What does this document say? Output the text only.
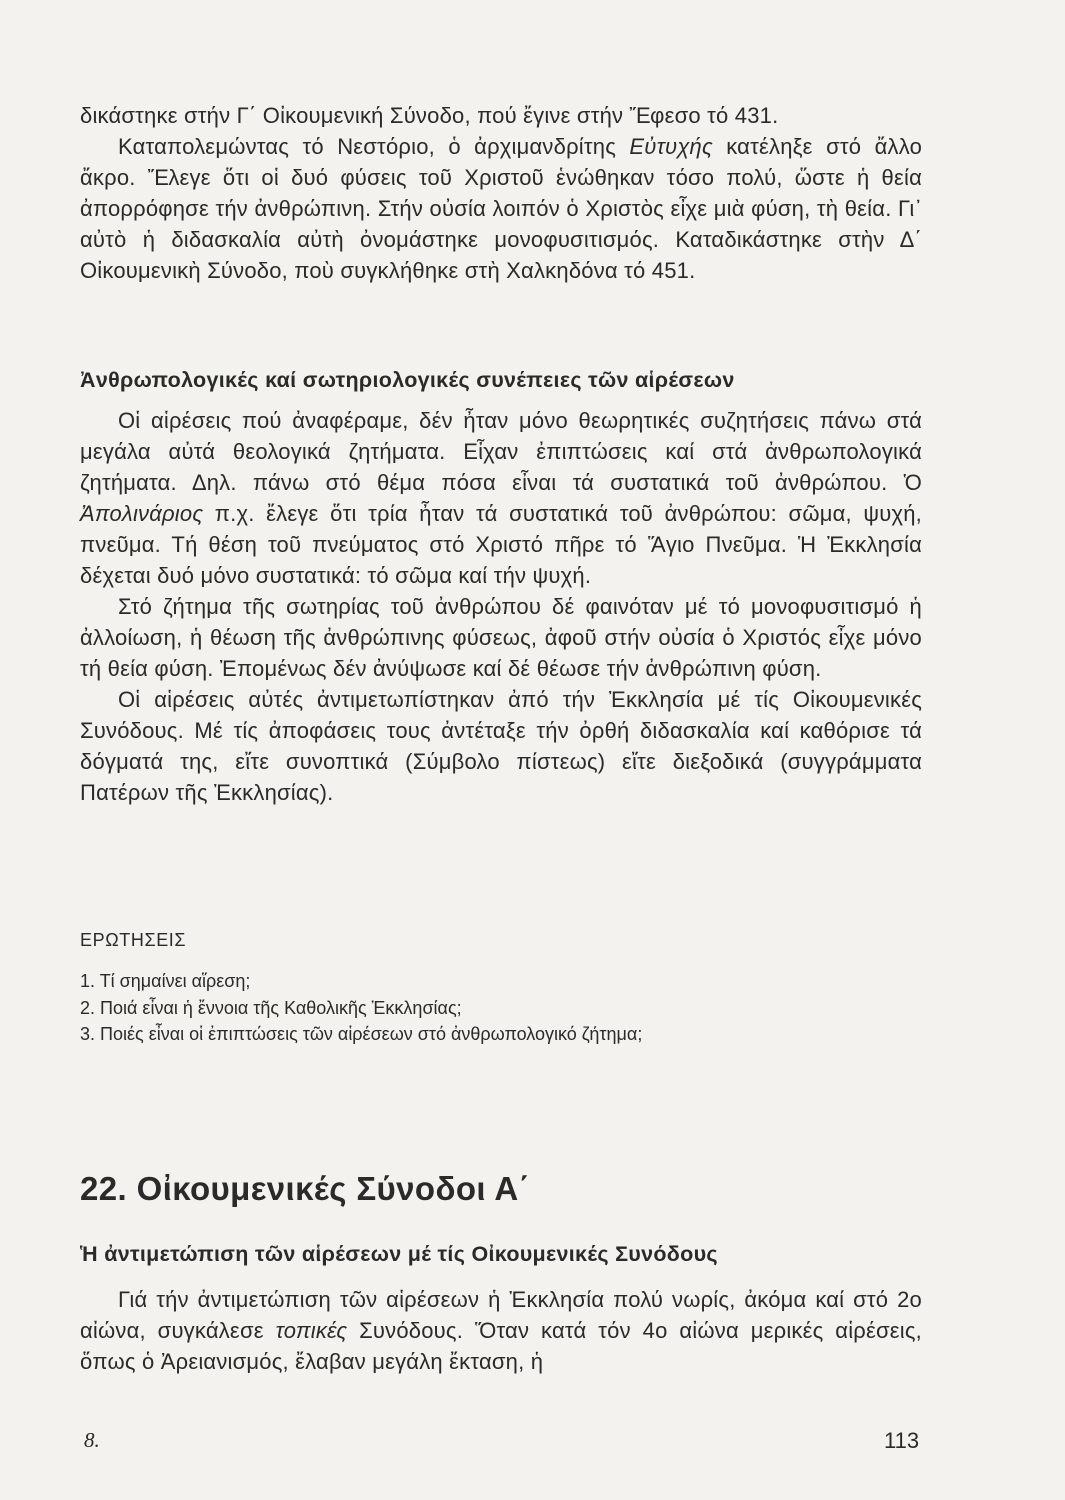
δικάστηκε στήν Γ΄ Οἰκουμενική Σύνοδο, πού ἔγινε στήν Ἔφεσο τό 431.

Καταπολεμώντας τό Νεστόριο, ὁ ἀρχιμανδρίτης Εὐτυχής κατέληξε στό ἄλλο ἄκρο. Ἔλεγε ὅτι οἱ δυό φύσεις τοῦ Χριστοῦ ἑνώθηκαν τόσο πολύ, ὥστε ἡ θεία ἀπορρόφησε τήν ἀνθρώπινη. Στήν οὐσία λοιπόν ὁ Χριστὸς εἶχε μιὰ φύση, τὴ θεία. Γι᾽ αὐτὸ ἡ διδασκαλία αὐτὴ ὀνομάστηκε μονοφυσιτισμός. Καταδικάστηκε στὴν Δ΄ Οἰκουμενικὴ Σύνοδο, ποὺ συγκλήθηκε στὴ Χαλκηδόνα τό 451.

Ἀνθρωπολογικές καί σωτηριολογικές συνέπειες τῶν αἱρέσεων

Οἱ αἱρέσεις πού ἀναφέραμε, δέν ἦταν μόνο θεωρητικές συζητήσεις πάνω στά μεγάλα αὐτά θεολογικά ζητήματα. Εἶχαν ἐπιπτώσεις καί στά ἀνθρωπολογικά ζητήματα. Δηλ. πάνω στό θέμα πόσα εἶναι τά συστατικά τοῦ ἀνθρώπου. Ὁ Ἀπολινάριος π.χ. ἔλεγε ὅτι τρία ἦταν τά συστατικά τοῦ ἀνθρώπου: σῶμα, ψυχή, πνεῦμα. Τή θέση τοῦ πνεύματος στό Χριστό πῆρε τό Ἅγιο Πνεῦμα. Ἡ Ἐκκλησία δέχεται δυό μόνο συστατικά: τό σῶμα καί τήν ψυχή.

Στό ζήτημα τῆς σωτηρίας τοῦ ἀνθρώπου δέ φαινόταν μέ τό μονοφυσιτισμό ἡ ἀλλοίωση, ἡ θέωση τῆς ἀνθρώπινης φύσεως, ἀφοῦ στήν οὐσία ὁ Χριστός εἶχε μόνο τή θεία φύση. Ἐπομένως δέν ἀνύψωσε καί δέ θέωσε τήν ἀνθρώπινη φύση.

Οἱ αἱρέσεις αὐτές ἀντιμετωπίστηκαν ἀπό τήν Ἐκκλησία μέ τίς Οἰκουμενικές Συνόδους. Μέ τίς ἀποφάσεις τους ἀντέταξε τήν ὀρθή διδασκαλία καί καθόρισε τά δόγματά της, εἴτε συνοπτικά (Σύμβολο πίστεως) εἴτε διεξοδικά (συγγράμματα Πατέρων τῆς Ἐκκλησίας).

ΕΡΩΤΗΣΕΙΣ
1. Τί σημαίνει αἵρεση;
2. Ποιά εἶναι ἡ ἔννοια τῆς Καθολικῆς Ἐκκλησίας;
3. Ποιές εἶναι οἱ ἐπιπτώσεις τῶν αἱρέσεων στό ἀνθρωπολογικό ζήτημα;
22. Οἰκουμενικές Σύνοδοι Α΄
Ἡ ἀντιμετώπιση τῶν αἱρέσεων μέ τίς Οἰκουμενικές Συνόδους

Γιά τήν ἀντιμετώπιση τῶν αἱρέσεων ἡ Ἐκκλησία πολύ νωρίς, ἀκόμα καί στό 2ο αἰώνα, συγκάλεσε τοπικές Συνόδους. Ὅταν κατά τόν 4ο αἰώνα μερικές αἱρέσεις, ὅπως ὁ Ἀρειανισμός, ἔλαβαν μεγάλη ἔκταση, ἡ

8.	113
